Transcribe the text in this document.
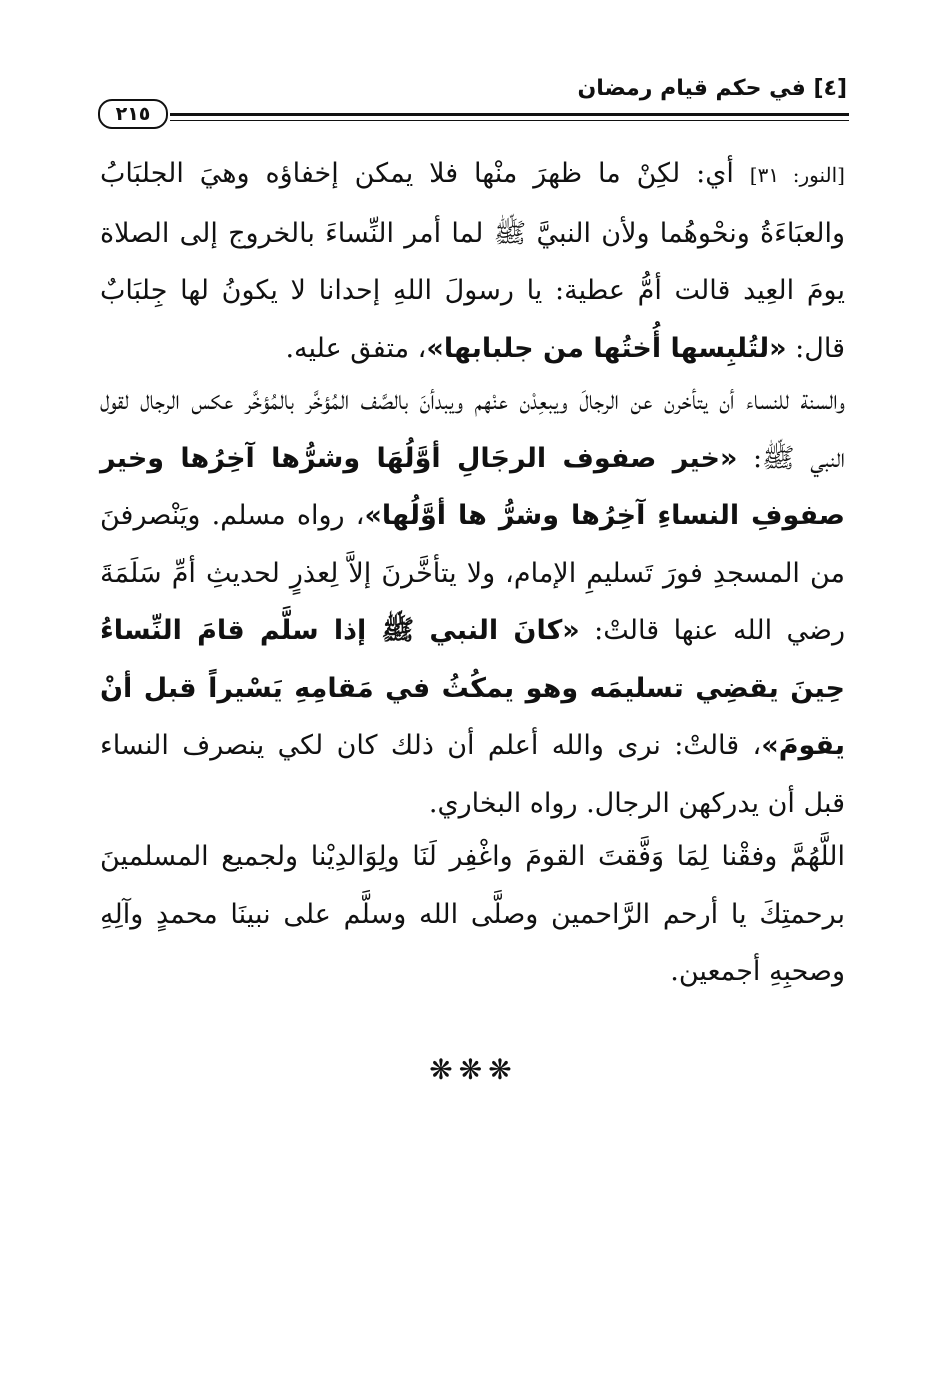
[٤] في حكم قيام رمضان
٢١٥

[النور: ٣١] أي: لكِنْ ما ظهرَ منْها فلا يمكن إخفاؤه وهيَ الجلبَابُ والعبَاءَةُ ونحْوهُما ولأن النبيَّ ﷺ لما أمر النِّساءَ بالخروج إلى الصلاة يومَ العِيد قالت أمُّ عطية: يا رسولَ اللهِ إحدانا لا يكونُ لها جِلبَابٌ قال: «لتُلبِسها أُختُها من جلبابها»، متفق عليه.

والسنة للنساء أن يتأخرن عن الرجالَ ويبعِدْن عنْهم ويبدأنَ بالصَّف المُؤخَّر بالمُؤخَّر عكس الرجال لقول النبي ﷺ: «خير صفوف الرجَالِ أوَّلُهَا وشرُّها آخِرُها وخير صفوفِ النساءِ آخِرُها وشرُّ ها أوَّلُها»، رواه مسلم. ويَنْصرفنَ من المسجدِ فورَ تَسليمِ الإمام، ولا يتأخَّرنَ إلاَّ لِعذرٍ لحديثِ أمِّ سَلَمَةَ رضي الله عنها قالتْ: «كانَ النبي ﷺ إذا سلَّم قامَ النِّساءُ حِينَ يقضِي تسليمَه وهو يمكُثُ في مَقامِهِ يَسْيراً قبل أنْ يقومَ»، قالتْ: نرى والله أعلم أن ذلك كان لكي ينصرف النساء قبل أن يدركهن الرجال. رواه البخاري.

اللَّهُمَّ وفقْنا لِمَا وَفَّقتَ القومَ واغْفِر لَنَا ولِوَالدِيْنا ولجميع المسلمينَ برحمتِكَ يا أرحم الرَّاحمين وصلَّى الله وسلَّم على نبينَا محمدٍ وآلِهِ وصحبِهِ أجمعين.

❋❋❋
